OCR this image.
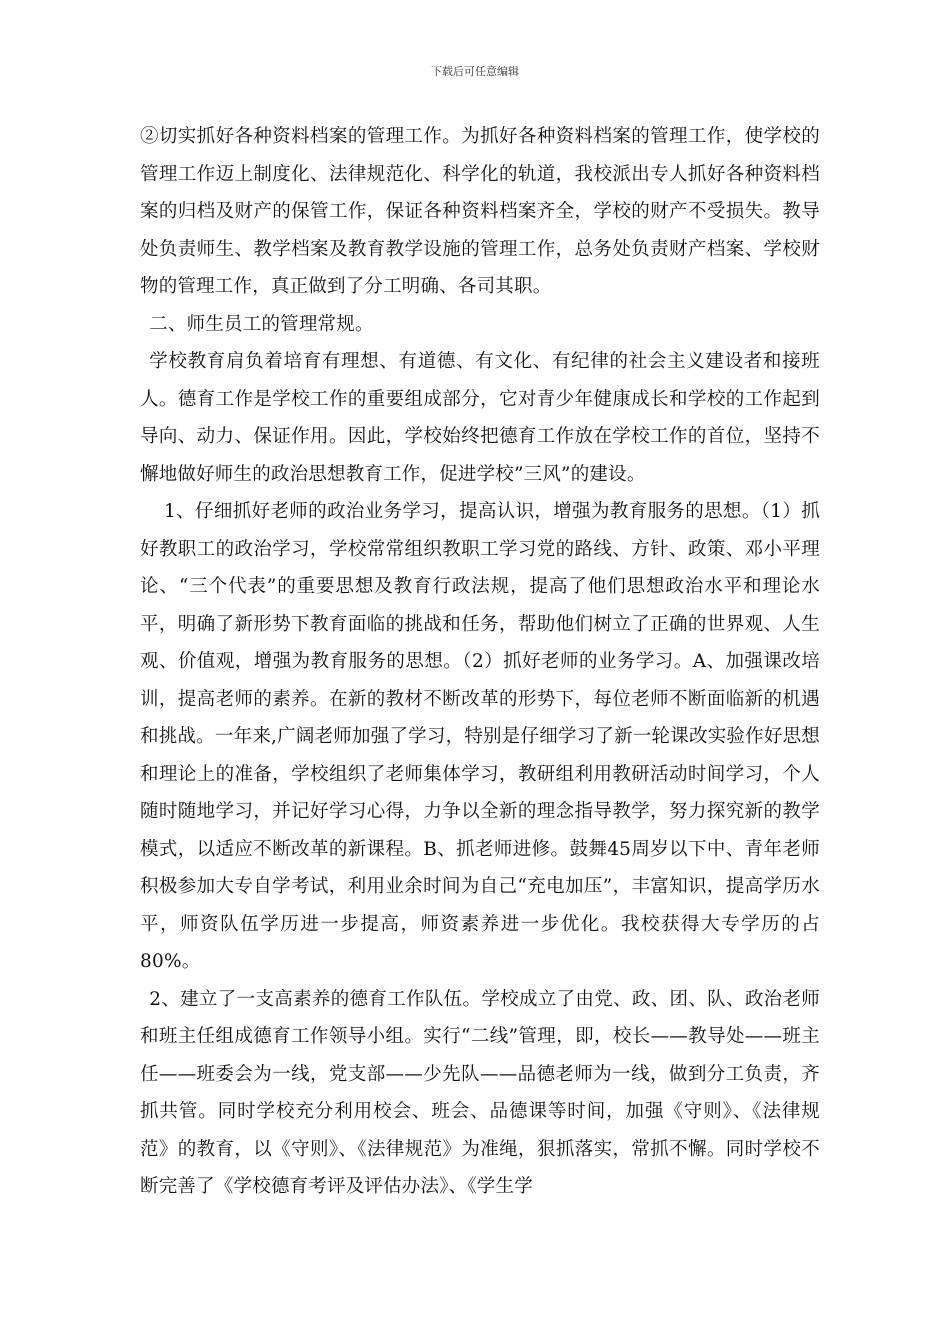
下载后可任意编辑

②切实抓好各种资料档案的管理工作。为抓好各种资料档案的管理工作，使学校的管理工作迈上制度化、法律规范化、科学化的轨道，我校派出专人抓好各种资料档案的归档及财产的保管工作，保证各种资料档案齐全，学校的财产不受损失。教导处负责师生、教学档案及教育教学设施的管理工作，总务处负责财产档案、学校财物的管理工作，真正做到了分工明确、各司其职。

二、师生员工的管理常规。

学校教育肩负着培育有理想、有道德、有文化、有纪律的社会主义建设者和接班人。德育工作是学校工作的重要组成部分，它对青少年健康成长和学校的工作起到导向、动力、保证作用。因此，学校始终把德育工作放在学校工作的首位，坚持不懈地做好师生的政治思想教育工作，促进学校”三风”的建设。

1、仔细抓好老师的政治业务学习，提高认识，增强为教育服务的思想。（1）抓好教职工的政治学习，学校常常组织教职工学习党的路线、方针、政策、邓小平理论、“三个代表”的重要思想及教育行政法规，提高了他们思想政治水平和理论水平，明确了新形势下教育面临的挑战和任务，帮助他们树立了正确的世界观、人生观、价值观，增强为教育服务的思想。（2）抓好老师的业务学习。A、加强课改培训，提高老师的素养。在新的教材不断改革的形势下，每位老师不断面临新的机遇和挑战。一年来,广阔老师加强了学习，特别是仔细学习了新一轮课改实验作好思想和理论上的准备，学校组织了老师集体学习，教研组利用教研活动时间学习，个人随时随地学习，并记好学习心得，力争以全新的理念指导教学，努力探究新的教学模式，以适应不断改革的新课程。B、抓老师进修。鼓舞45周岁以下中、青年老师积极参加大专自学考试，利用业余时间为自己“充电加压”，丰富知识，提高学历水平，师资队伍学历进一步提高，师资素养进一步优化。我校获得大专学历的占80%。

2、建立了一支高素养的德育工作队伍。学校成立了由党、政、团、队、政治老师和班主任组成德育工作领导小组。实行“二线”管理，即，校长——教导处——班主任——班委会为一线，党支部——少先队——品德老师为一线，做到分工负责，齐抓共管。同时学校充分利用校会、班会、品德课等时间，加强《守则》、《法律规范》的教育，以《守则》、《法律规范》为准绳，狠抓落实，常抓不懈。同时学校不断完善了《学校德育考评及评估办法》、《学生学
